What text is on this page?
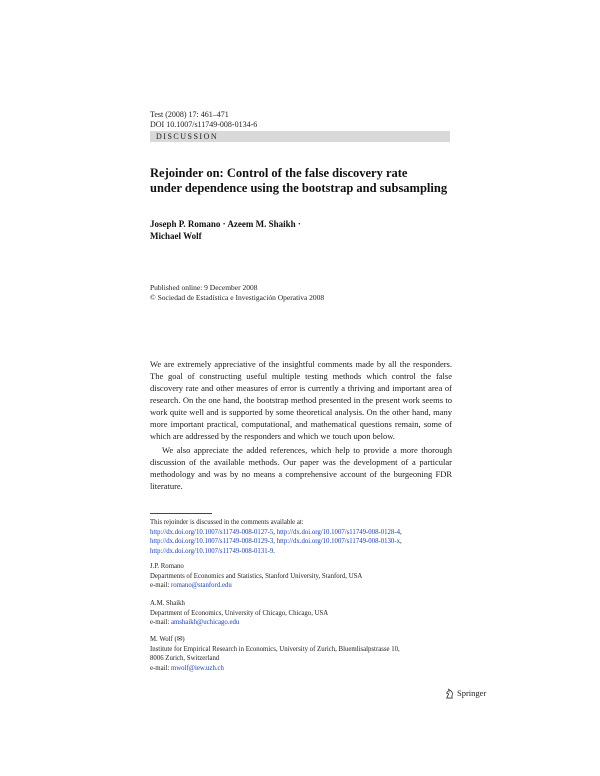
Test (2008) 17: 461–471
DOI 10.1007/s11749-008-0134-6
DISCUSSION
Rejoinder on: Control of the false discovery rate
under dependence using the bootstrap and subsampling
Joseph P. Romano · Azeem M. Shaikh ·
Michael Wolf
Published online: 9 December 2008
© Sociedad de Estadística e Investigación Operativa 2008

We are extremely appreciative of the insightful comments made by all the responders. The goal of constructing useful multiple testing methods which control the false discovery rate and other measures of error is currently a thriving and important area of research. On the one hand, the bootstrap method presented in the present work seems to work quite well and is supported by some theoretical analysis. On the other hand, many more important practical, computational, and mathematical questions remain, some of which are addressed by the responders and which we touch upon below.

We also appreciate the added references, which help to provide a more thorough discussion of the available methods. Our paper was the development of a particular methodology and was by no means a comprehensive account of the burgeoning FDR literature.

This rejoinder is discussed in the comments available at:
http://dx.doi.org/10.1007/s11749-008-0127-5, http://dx.doi.org/10.1007/s11749-008-0128-4,
http://dx.doi.org/10.1007/s11749-008-0129-3, http://dx.doi.org/10.1007/s11749-008-0130-x,
http://dx.doi.org/10.1007/s11749-008-0131-9.
J.P. Romano
Departments of Economics and Statistics, Stanford University, Stanford, USA
e-mail: romano@stanford.edu
A.M. Shaikh
Department of Economics, University of Chicago, Chicago, USA
e-mail: amshaikh@uchicago.edu
M. Wolf (✉)
Institute for Empirical Research in Economics, University of Zurich, Bluemlisalpstrasse 10,
8006 Zurich, Switzerland
e-mail: mwolf@iew.uzh.ch
Springer
